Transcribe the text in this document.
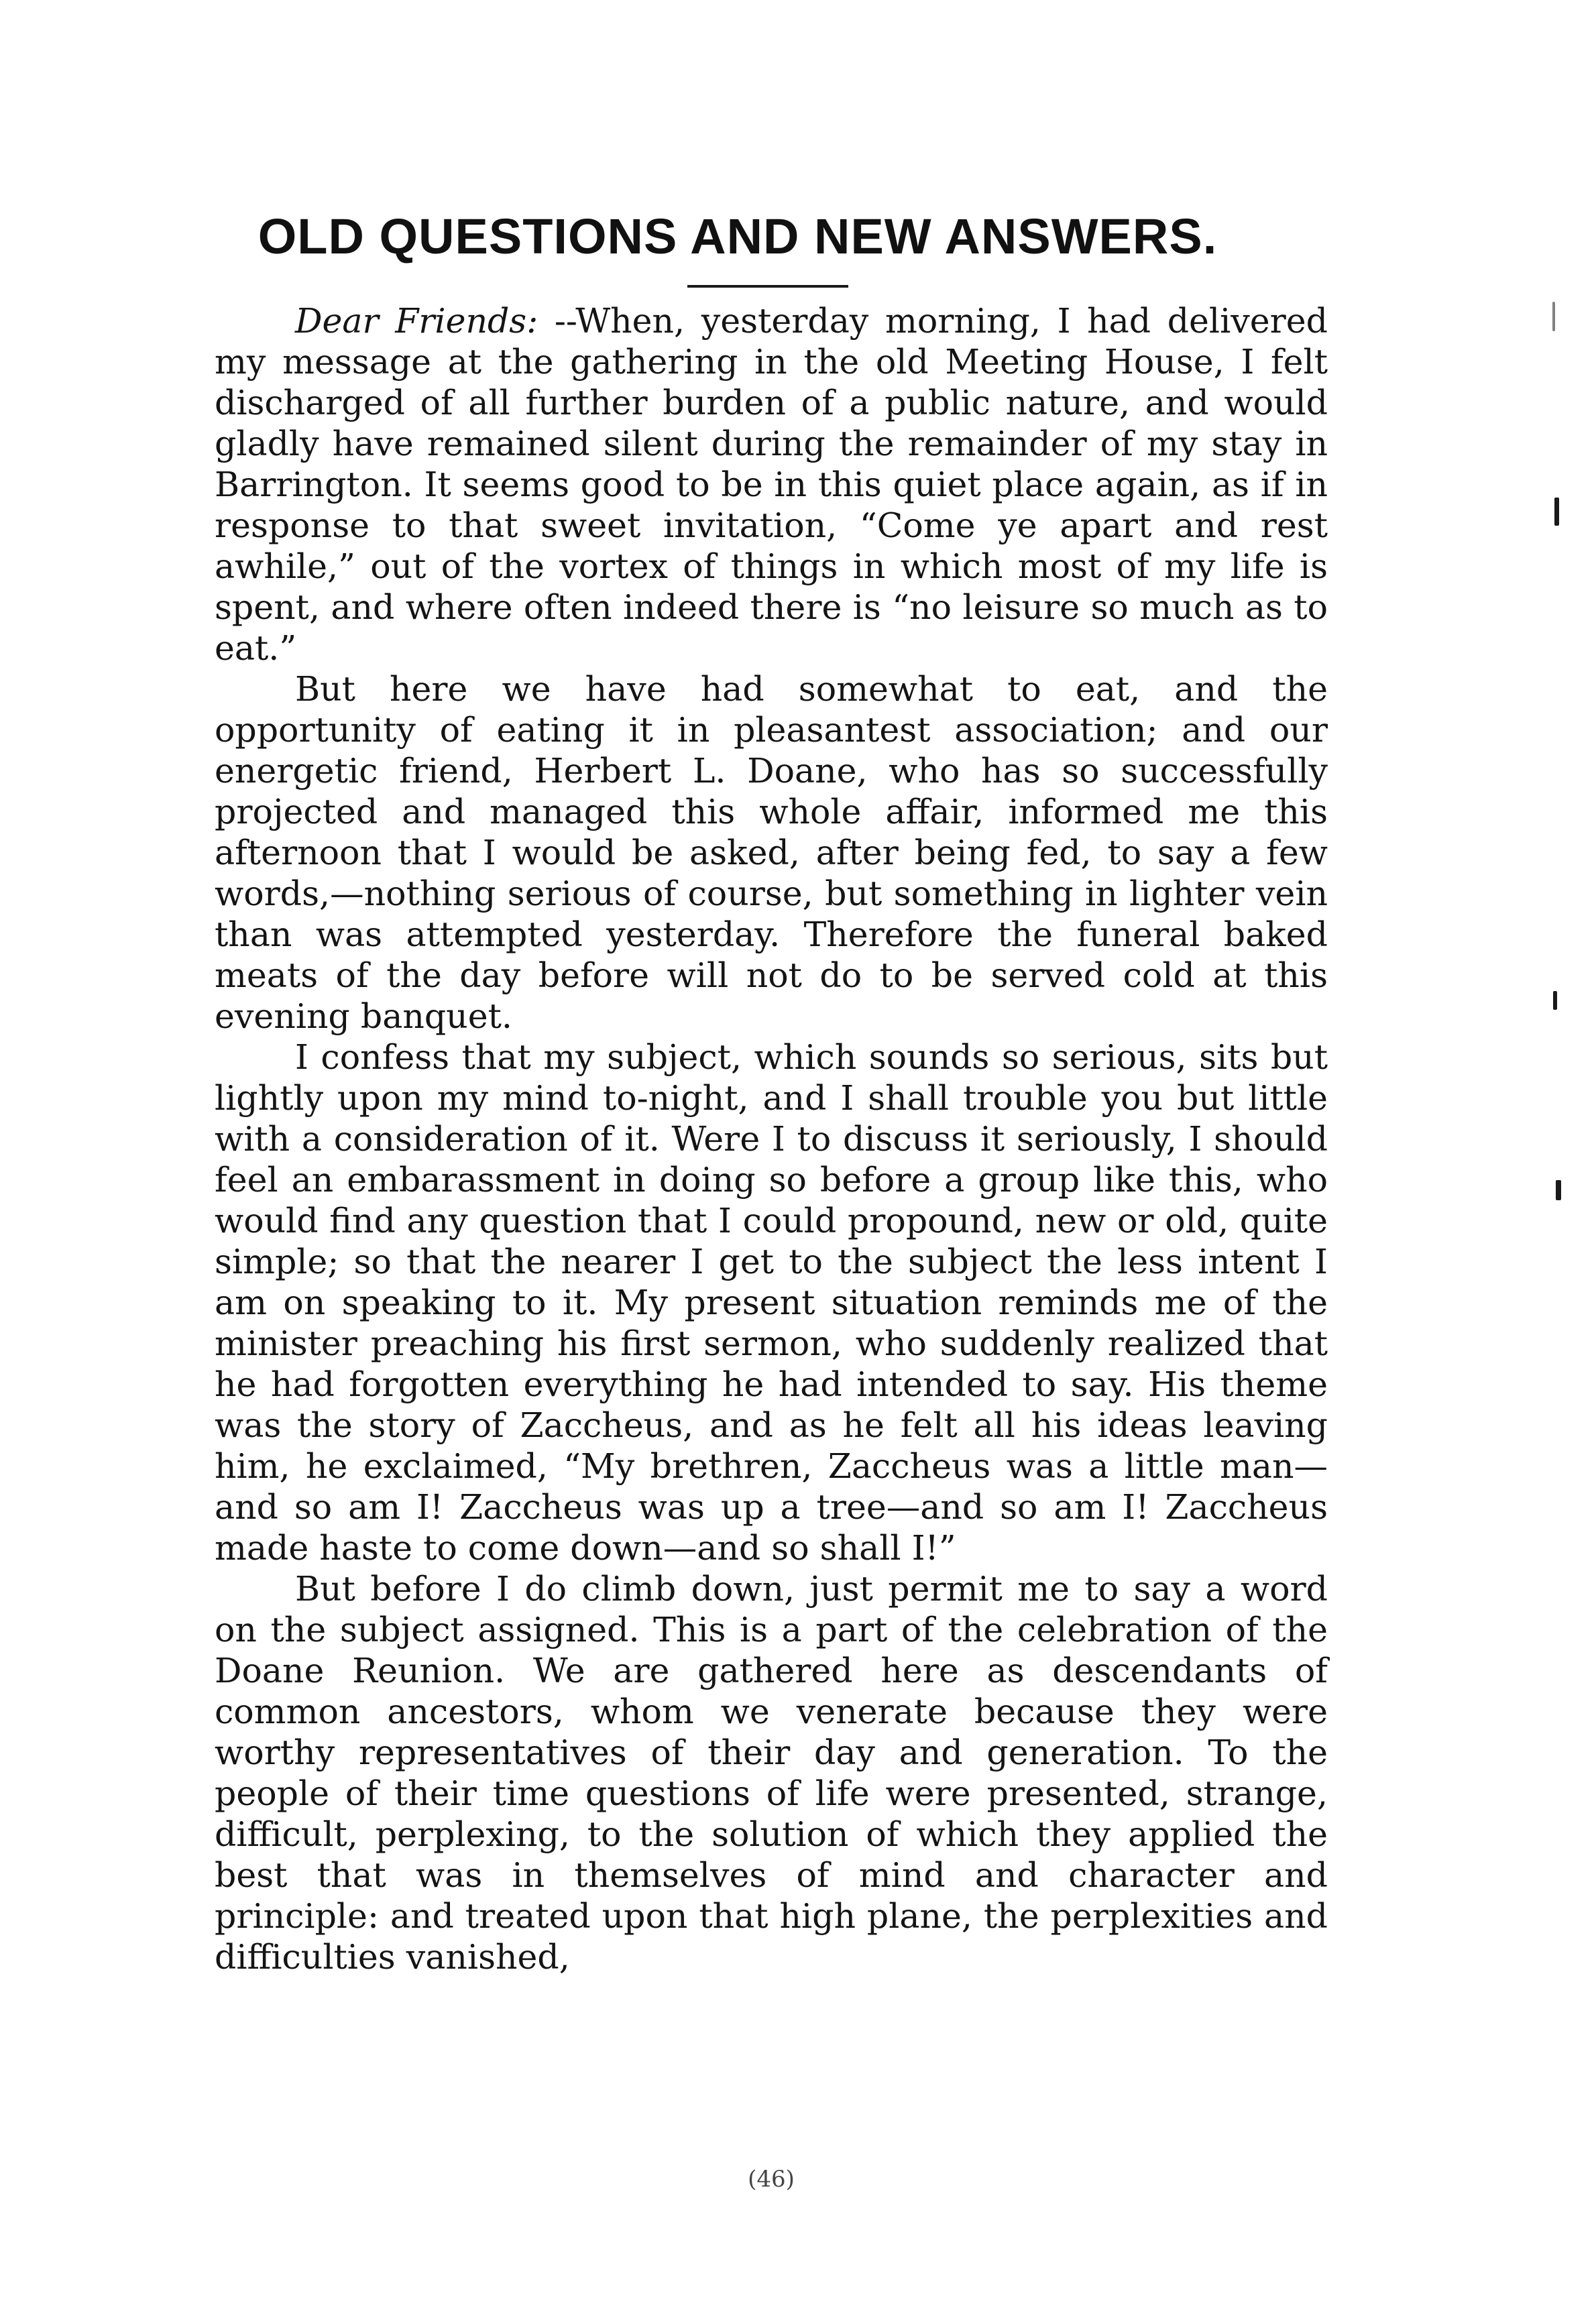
OLD QUESTIONS AND NEW ANSWERS.

Dear Friends: --When, yesterday morning, I had delivered my message at the gathering in the old Meeting House, I felt discharged of all further burden of a public nature, and would gladly have remained silent during the remainder of my stay in Barrington. It seems good to be in this quiet place again, as if in response to that sweet invitation, “Come ye apart and rest awhile,” out of the vortex of things in which most of my life is spent, and where often indeed there is “no leisure so much as to eat.”

But here we have had somewhat to eat, and the opportunity of eating it in pleasantest association; and our energetic friend, Herbert L. Doane, who has so successfully projected and managed this whole affair, informed me this afternoon that I would be asked, after being fed, to say a few words,—nothing serious of course, but something in lighter vein than was attempted yesterday. Therefore the funeral baked meats of the day before will not do to be served cold at this evening banquet.

I confess that my subject, which sounds so serious, sits but lightly upon my mind to-night, and I shall trouble you but little with a consideration of it. Were I to discuss it seriously, I should feel an embarassment in doing so before a group like this, who would find any question that I could propound, new or old, quite simple; so that the nearer I get to the subject the less intent I am on speaking to it. My present situation reminds me of the minister preaching his first sermon, who suddenly realized that he had forgotten everything he had intended to say. His theme was the story of Zaccheus, and as he felt all his ideas leaving him, he exclaimed, “My brethren, Zaccheus was a little man—and so am I! Zaccheus was up a tree—and so am I! Zaccheus made haste to come down—and so shall I!”

But before I do climb down, just permit me to say a word on the subject assigned. This is a part of the celebration of the Doane Reunion. We are gathered here as descendants of common ancestors, whom we venerate because they were worthy representatives of their day and generation. To the people of their time questions of life were presented, strange, difficult, perplexing, to the solution of which they applied the best that was in themselves of mind and character and principle: and treated upon that high plane, the perplexities and difficulties vanished,

(46)
